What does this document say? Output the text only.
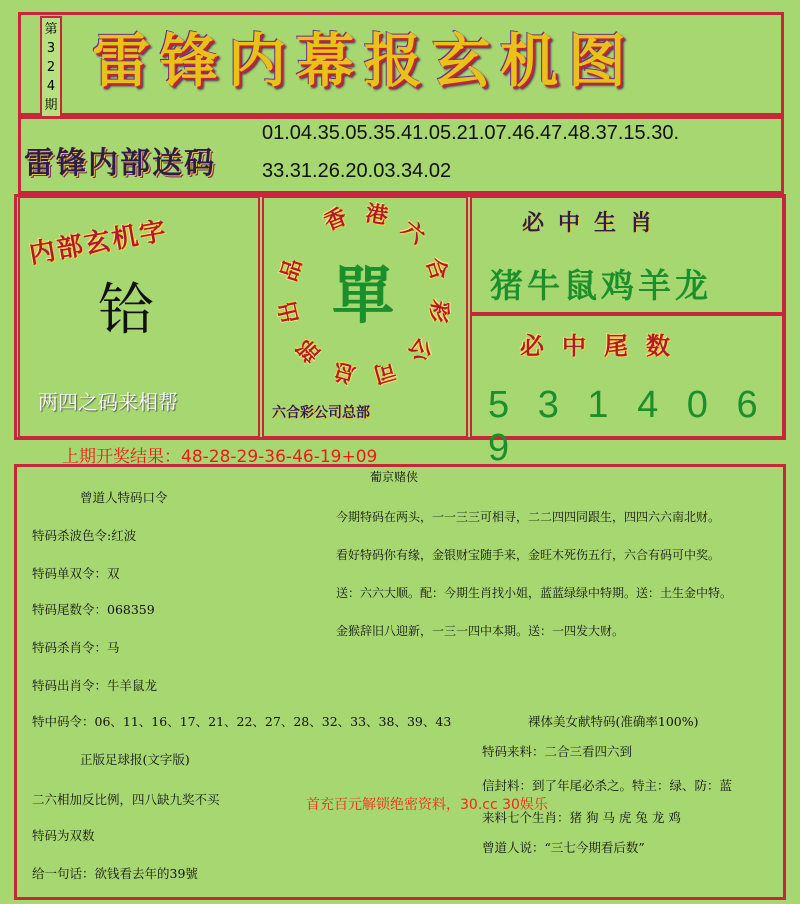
第
3
2
4
期
雷锋内幕报玄机图
雷锋内部送码
01.04.35.05.35.41.05.21.07.46.47.48.37.15.30.
33.31.26.20.03.34.02
内部玄机字
铪
两四之码来相帮
香 港
六
合
彩
公
司
总
部
出
品 單
六合彩公司总部
必中生肖
猪牛鼠鸡羊龙
必中尾数
5 3 1 4 0 6 9
上期开奖结果：48-28-29-36-46-19+09
葡京赌侠
曾道人特码口令
特码杀波色令:红波
特码单双令：双
特码尾数令：068359
特码杀肖令：马
特码出肖令：牛羊鼠龙
特中码令：06、11、16、17、21、22、27、28、32、33、38、39、43
正版足球报(文字版)
二六相加反比例，四八缺九奖不买
特码为双数
给一句话：欲钱看去年的39號
今期特码在两头，一一三三可相寻，二二四四同跟生，四四六六南北财。
看好特码你有缘，金银财宝随手来，金旺木死伤五行，六合有码可中奖。
送：六六大顺。配：今期生肖找小姐，蓝蓝绿绿中特期。送：土生金中特。
金猴辞旧八迎新，一三一四中本期。送：一四发大财。
裸体美女献特码(准确率100%)
特码来料：二合三看四六到
信封料：到了年尾必杀之。特主：绿、防：蓝
来料七个生肖：猪 狗 马 虎 兔 龙 鸡
曾道人说：“三七今期看后数”
首充百元解锁绝密资料，30.cc 30娱乐
